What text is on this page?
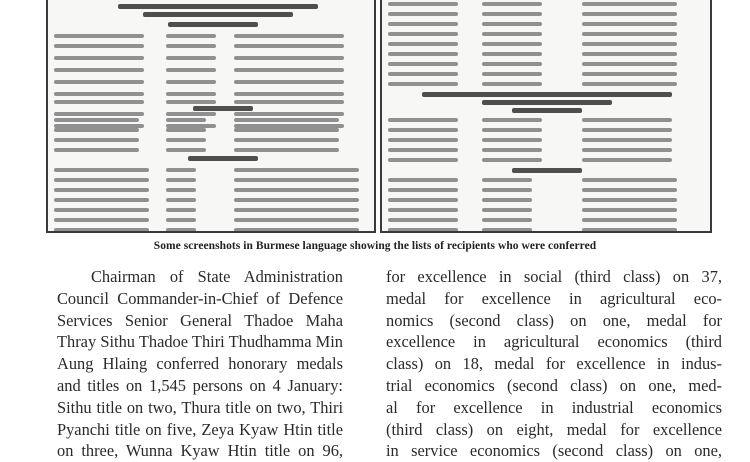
Some screenshots in Burmese language showing the lists of recipients who were conferred
Chairman of State Administration
Council Commander-in-Chief of Defence
Services Senior General Thadoe Maha
Thray Sithu Thadoe Thiri Thudhamma Min
Aung Hlaing conferred honorary medals
and titles on 1,545 persons on 4 January:
Sithu title on two, Thura title on two, Thiri
Pyanchi title on five, Zeya Kyaw Htin title
on three, Wunna Kyaw Htin title on 96,
for excellence in social (third class) on 37,
medal for excellence in agricultural eco-
nomics (second class) on one, medal for
excellence in agricultural economics (third
class) on 18, medal for excellence in indus-
trial economics (second class) on one, med-
al for excellence in industrial economics
(third class) on eight, medal for excellence
in service economics (second class) on one,
